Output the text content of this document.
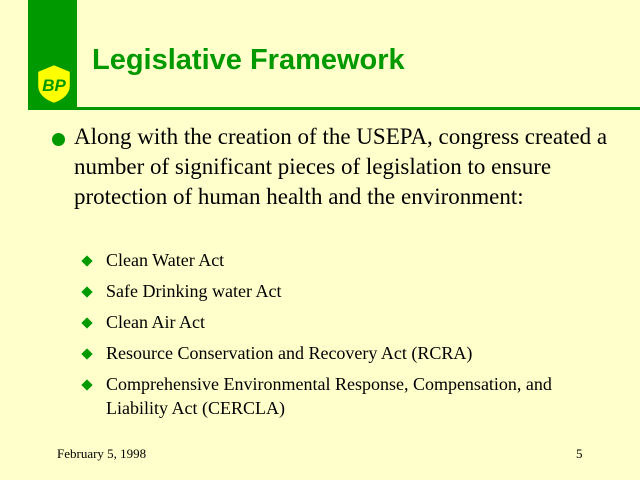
BP
Legislative Framework
Along with the creation of the USEPA, congress created a number of significant pieces of legislation to ensure protection of human health and the environment:
Clean Water Act
Safe Drinking water Act
Clean Air Act
Resource Conservation and Recovery Act (RCRA)
Comprehensive Environmental Response, Compensation, and Liability Act (CERCLA)
February 5, 1998	5
